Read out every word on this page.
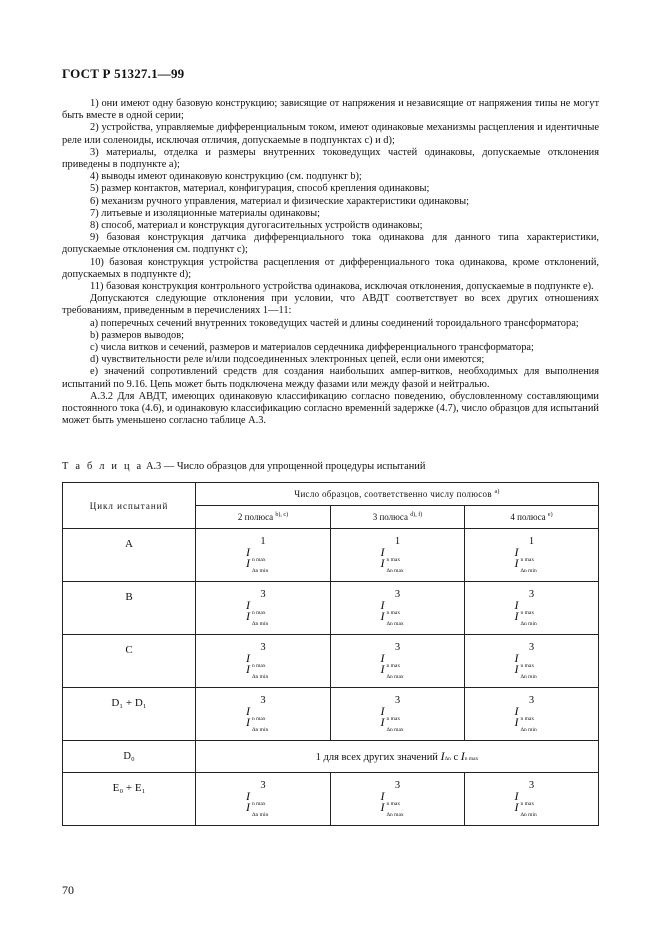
ГОСТ Р 51327.1—99

1) они имеют одну базовую конструкцию; зависящие от напряжения и независящие от напряжения типы не могут быть вместе в одной серии;

2) устройства, управляемые дифференциальным током, имеют одинаковые механизмы расцепления и идентичные реле или соленоиды, исключая отличия, допускаемые в подпунктах с) и d);

3) материалы, отделка и размеры внутренних токоведущих частей одинаковы, допускаемые отклонения приведены в подпункте а);

4) выводы имеют одинаковую конструкцию (см. подпункт b);

5) размер контактов, материал, конфигурация, способ крепления одинаковы;

6) механизм ручного управления, материал и физические характеристики одинаковы;

7) литьевые и изоляционные материалы одинаковы;

8) способ, материал и конструкция дугогасительных устройств одинаковы;

9) базовая конструкция датчика дифференциального тока одинакова для данного типа характеристики, допускаемые отклонения см. подпункт с);

10) базовая конструкция устройства расцепления от дифференциального тока одинакова, кроме отклонений, допускаемых в подпункте d);

11) базовая конструкция контрольного устройства одинакова, исключая отклонения, допускаемые в подпункте е).

Допускаются следующие отклонения при условии, что АВДТ соответствует во всех других отношениях требованиям, приведенным в перечислениях 1—11:

а) поперечных сечений внутренних токоведущих частей и длины соединений тороидального трансформатора;

b) размеров выводов;

с) числа витков и сечений, размеров и материалов сердечника дифференциального трансформатора;

d) чувствительности реле и/или подсоединенных электронных цепей, если они имеются;

е) значений сопротивлений средств для создания наибольших ампер-витков, необходимых для выполнения испытаний по 9.16. Цепь может быть подключена между фазами или между фазой и нейтралью.

А.3.2 Для АВДТ, имеющих одинаковую классификацию согласно поведению, обусловленному составляющими постоянного тока (4.6), и одинаковую классификацию согласно временнı́й задержке (4.7), число образцов для испытаний может быть уменьшено согласно таблице А.3.

Т а б л и ц а А.3 — Число образцов для упрощенной процедуры испытаний
Цикл испытаний	Число образцов, соответственно числу полюсов $^{a)}$
	2 полюса $^{b), c)}$	3 полюса $^{d), f)}$	4 полюса $^{e)}$
A	1
I
n max
I
Δn min	1
I
n max
I
Δn max	1
I
n max
I
Δn min

B	3
I
n max
I
Δn min	3
I
n max
I
Δn max	3
I
n max
I
Δn min

C	3
I
n max
I
Δn min	3
I
n max
I
Δn max	3
I
n max
I
Δn min

D₁ + D₁	3
I
n max
I
Δn min	3
I
n max
I
Δn max	3
I
n max
I
Δn min

D₀	1 для всех других значений IΔn с In max		
E₀ + E₁	3
I
n max
I
Δn min	3
I
n max
I
Δn max	3
I
n max
I
Δn min
70
